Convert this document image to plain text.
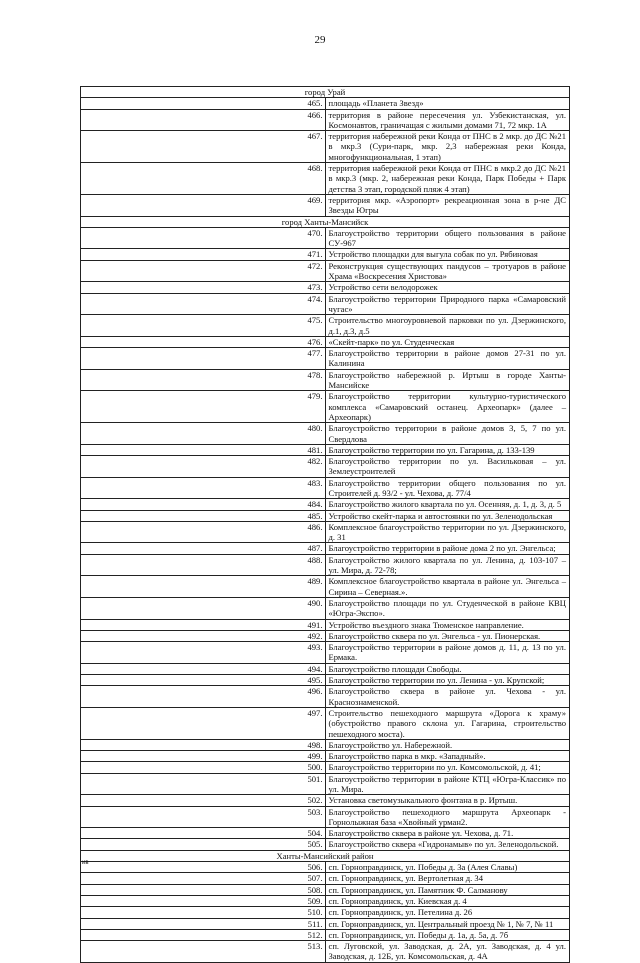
29
город Урай	
465.	площадь «Планета Звезд»
466.	территория в районе пересечения ул. Узбекистанская, ул. Космонавтов, граничащая с жилыми домами 71, 72 мкр. 1А
467.	территория набережной реки Конда от ПНС в 2 мкр. до ДС №21 в мкр.3 (Сури-парк, мкр. 2,3 набережная реки Конда, многофункциональная, 1 этап)
468.	территория набережной реки Конда от ПНС в мкр.2 до ДС №21 в мкр.3 (мкр. 2, набережная реки Конда, Парк Победы + Парк детства 3 этап, городской пляж 4 этап)
469.	территория мкр. «Аэропорт» рекреационная зона в р-не ДС Звезды Югры
город Ханты-Мансийск	
470.	Благоустройство территории общего пользования в районе СУ-967
471.	Устройство площадки для выгула собак по ул. Рябиновая
472.	Реконструкция существующих пандусов – тротуаров в районе Храма «Воскресения Христова»
473.	Устройство сети велодорожек
474.	Благоустройство территории Природного парка «Самаровский чугас»
475.	Строительство многоуровневой парковки по ул. Дзержинского, д.1, д.3, д.5
476.	«Скейт-парк» по ул. Студенческая
477.	Благоустройство территории в районе домов 27-31 по ул. Калинина
478.	Благоустройство набережной р. Иртыш в городе Ханты-Мансийске
479.	Благоустройство территории культурно-туристического комплекса «Самаровский останец. Археопарк» (далее – Археопарк)
480.	Благоустройство территории в районе домов 3, 5, 7 по ул. Свердлова
481.	Благоустройство территории по ул. Гагарина, д. 133-139
482.	Благоустройство территории по ул. Васильковая – ул. Землеустроителей
483.	Благоустройство территории общего пользования по ул. Строителей д. 93/2 - ул. Чехова, д. 77/4
484.	Благоустройство жилого квартала по ул. Осенняя, д. 1, д. 3, д. 5
485.	Устройство скейт-парка и автостоянки по ул. Зеленодольская
486.	Комплексное благоустройство территории по ул. Дзержинского, д. 31
487.	Благоустройство территории в районе дома 2 по ул. Энгельса;
488.	Благоустройство жилого квартала по ул. Ленина, д. 103-107 – ул. Мира, д. 72-78;
489.	Комплексное благоустройство квартала в районе ул. Энгельса – Сирина – Северная.».
490.	Благоустройство площади по ул. Студенческой в районе КВЦ «Югра-Экспо».
491.	Устройство въездного знака Тюменское направление.
492.	Благоустройство сквера по ул. Энгельса - ул. Пионерская.
493.	Благоустройство территории в районе домов д. 11, д. 13 по ул. Ермака.
494.	Благоустройство площади Свободы.
495.	Благоустройство территории по ул. Ленина - ул. Крупской;
496.	Благоустройство сквера в районе ул. Чехова - ул. Краснознаменской.
497.	Строительство пешеходного маршрута «Дорога к храму» (обустройство правого склона ул. Гагарина, строительство пешеходного моста).
498.	Благоустройство ул. Набережной.
499.	Благоустройство парка в мкр. «Западный».
500.	Благоустройство территории по ул. Комсомольской, д. 41;
501.	Благоустройство территории в районе КТЦ «Югра-Классик» по ул. Мира.
502.	Установка светомузыкального фонтана в р. Иртыш.
503.	Благоустройство пешеходного маршрута Археопарк - Горнолыжная база «Хвойный урман2.
504.	Благоустройство сквера в районе ул. Чехова, д. 71.
505.	Благоустройство сквера «Гидронамыв» по ул. Зеленодольской.
Ханты-Мансийский район	
506.	сп. Горноправдинск, ул. Победы д. 3а (Алея Славы)
507.	сп. Горноправдинск, ул. Вертолетная д. 34
508.	сп. Горноправдинск, ул. Памятник Ф. Салманову
509.	сп. Горноправдинск, ул. Киевская д. 4
510.	сп. Горноправдинск, ул. Петелина д. 26
511.	сп. Горноправдинск, ул. Центральный проезд № 1, № 7, № 11
512.	сп. Горноправдинск, ул. Победы д. 1а, д. 5а, д. 7б
513.	сп. Луговской, ул. Заводская, д. 2А, ул. Заводская, д. 4 ул. Заводская, д. 12Б, ул. Комсомольская, д. 4А
ив
